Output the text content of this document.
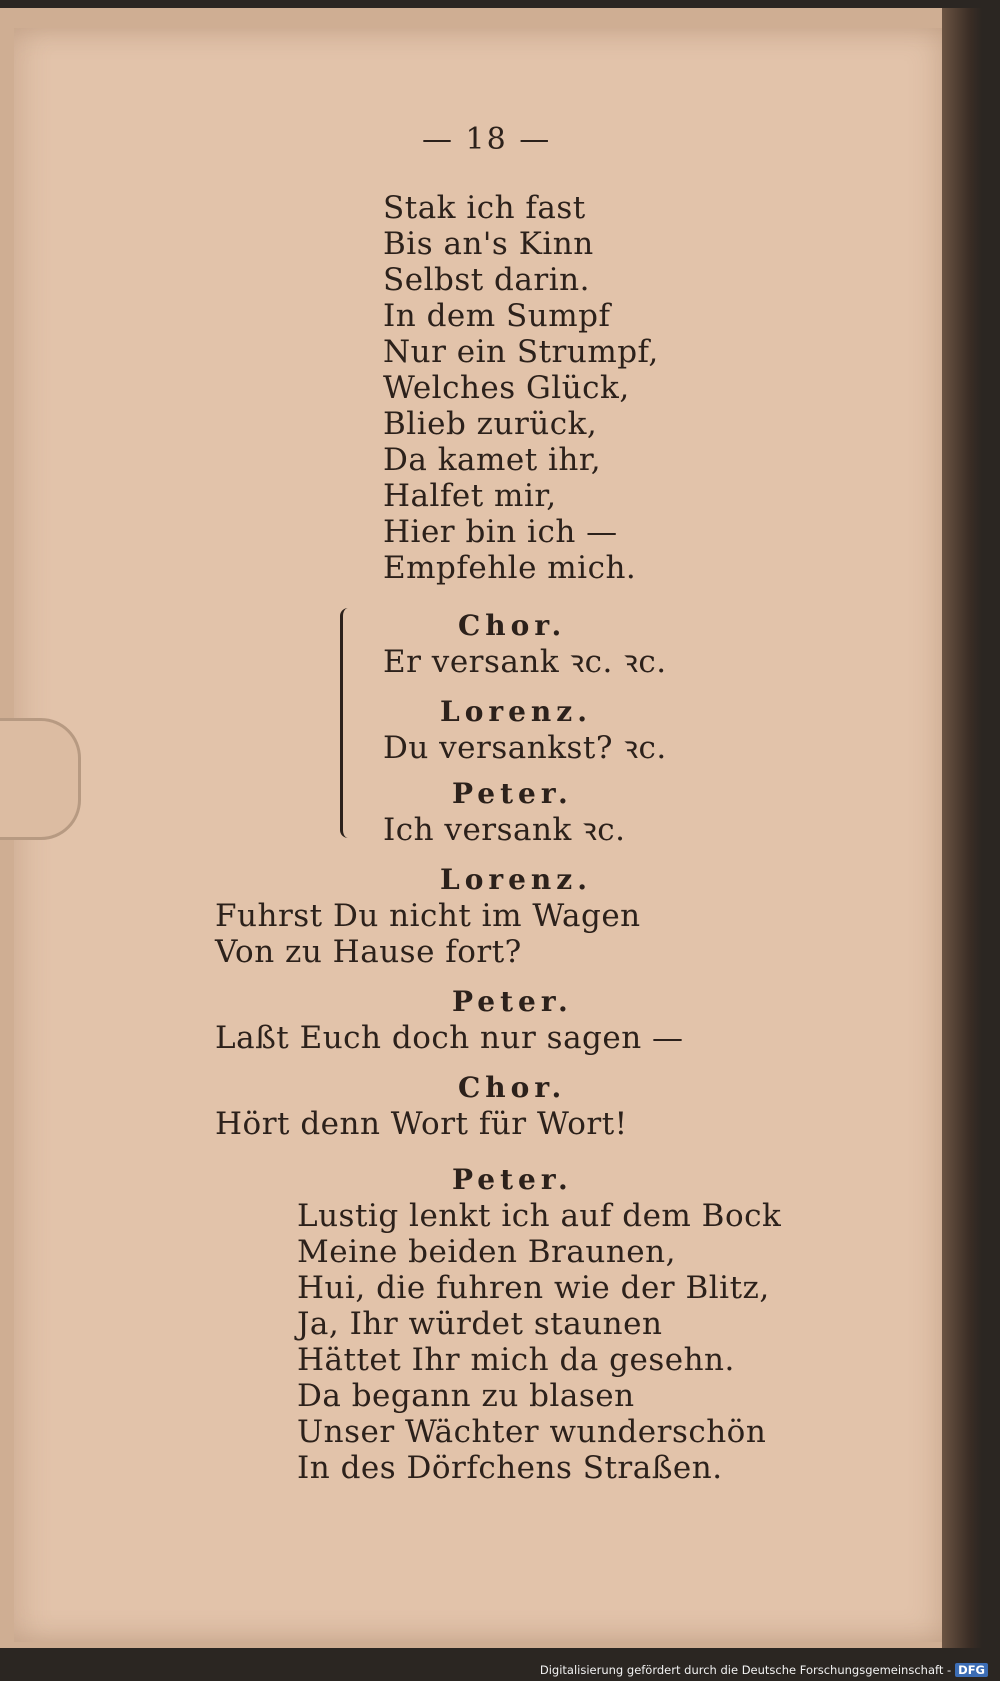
— 18 —
Stak ich fast
Bis an's Kinn
Selbst darin.
In dem Sumpf
Nur ein Strumpf,
Welches Glück,
Blieb zurück,
Da kamet ihr,
Halfet mir,
Hier bin ich —
Empfehle mich.
Chor.
Er versank ꝛc. ꝛc.
Lorenz.
Du versankst? ꝛc.
Peter.
Ich versank ꝛc.
Lorenz.
Fuhrst Du nicht im Wagen
Von zu Hause fort?
Peter.
Laßt Euch doch nur sagen —
Chor.
Hört denn Wort für Wort!
Peter.
Lustig lenkt ich auf dem Bock
Meine beiden Braunen,
Hui, die fuhren wie der Blitz,
Ja, Ihr würdet staunen
Hättet Ihr mich da gesehn.
Da begann zu blasen
Unser Wächter wunderschön
In des Dörfchens Straßen.
Digitalisierung gefördert durch die Deutsche Forschungsgemeinschaft - DFG
